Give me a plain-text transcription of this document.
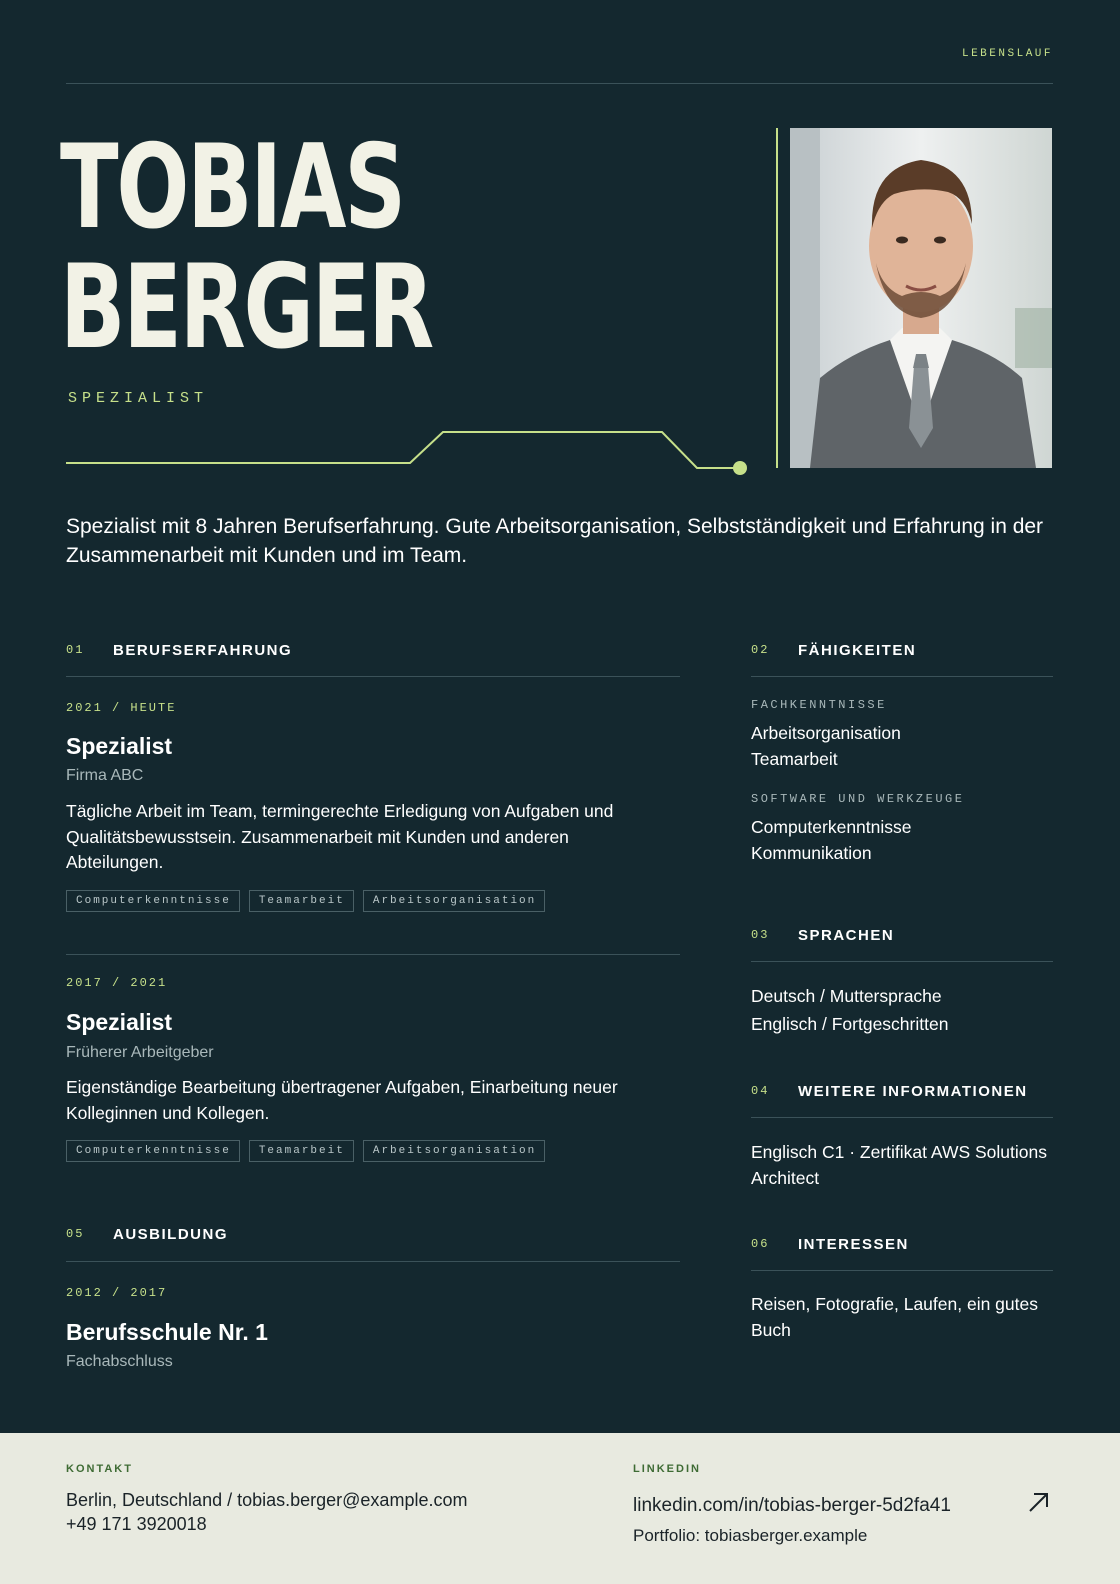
LEBENSLAUF
TOBIAS
BERGER
SPEZIALIST
Spezialist mit 8 Jahren Berufserfahrung. Gute Arbeitsorganisation, Selbstständigkeit und Erfahrung in der Zusammenarbeit mit Kunden und im Team.
01	BERUFSERFAHRUNG
2021 / HEUTE
Spezialist
Firma ABC
Tägliche Arbeit im Team, termingerechte Erledigung von Aufgaben und Qualitätsbewusstsein. Zusammenarbeit mit Kunden und anderen Abteilungen.
Computerkenntnisse	Teamarbeit	Arbeitsorganisation
2017 / 2021
Spezialist
Früherer Arbeitgeber
Eigenständige Bearbeitung übertragener Aufgaben, Einarbeitung neuer Kolleginnen und Kollegen.
Computerkenntnisse	Teamarbeit	Arbeitsorganisation
05	AUSBILDUNG
2012 / 2017
Berufsschule Nr. 1
Fachabschluss
02	FÄHIGKEITEN
FACHKENNTNISSE
Arbeitsorganisation
Teamarbeit
SOFTWARE UND WERKZEUGE
Computerkenntnisse
Kommunikation
03	SPRACHEN
Deutsch / Muttersprache
Englisch / Fortgeschritten
04	WEITERE INFORMATIONEN
Englisch C1 · Zertifikat AWS Solutions Architect
06	INTERESSEN
Reisen, Fotografie, Laufen, ein gutes Buch
KONTAKT
Berlin, Deutschland / tobias.berger@example.com
+49 171 3920018
LINKEDIN
linkedin.com/in/tobias-berger-5d2fa41
Portfolio: tobiasberger.example
